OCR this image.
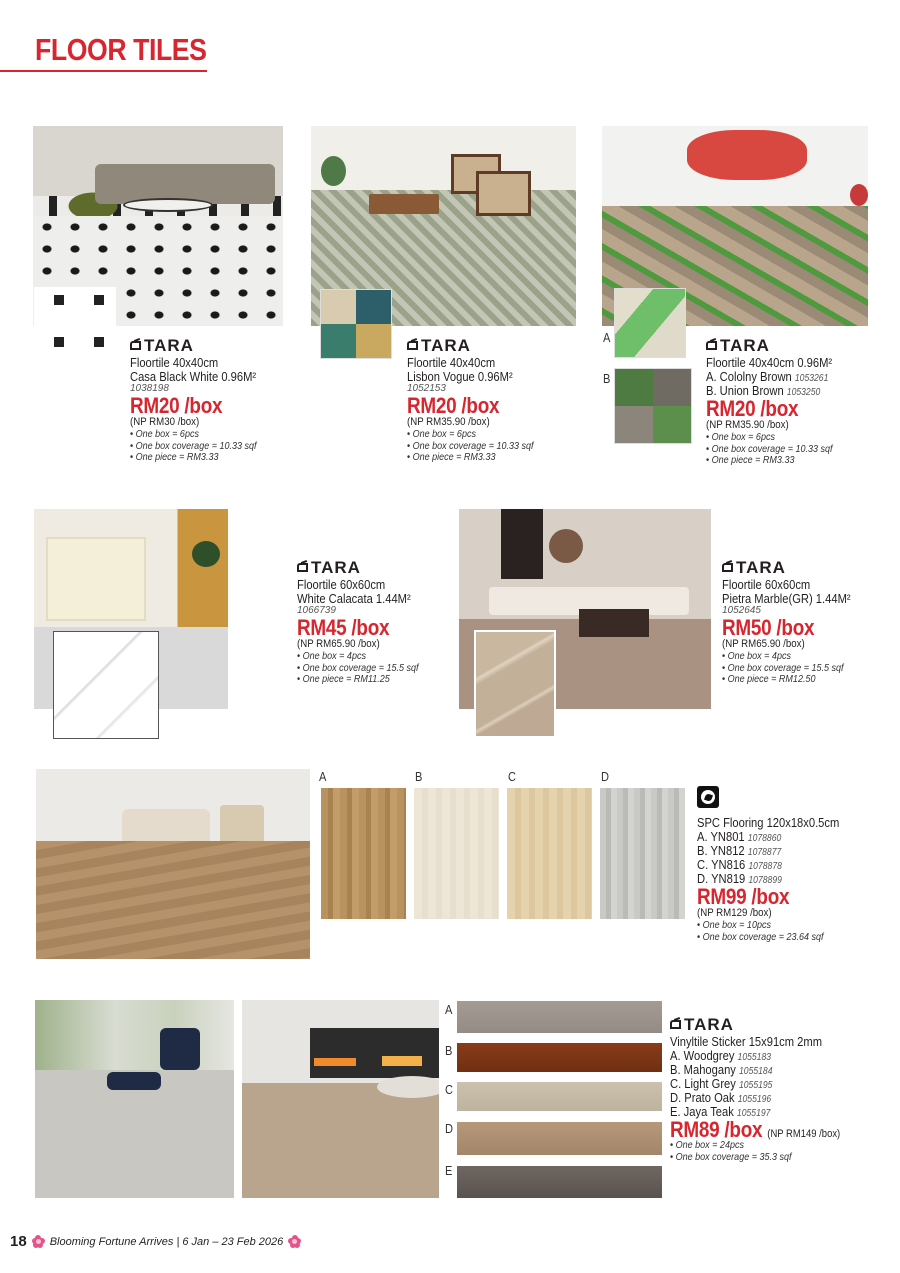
FLOOR TILES
TARA
Floortile 40x40cm
Casa Black White 0.96M²
1038198
RM20 /box
(NP RM30 /box)
• One box = 6pcs
• One box coverage = 10.33 sqf
• One piece = RM3.33
TARA
Floortile 40x40cm
Lisbon Vogue 0.96M²
1052153
RM20 /box
(NP RM35.90 /box)
• One box = 6pcs
• One box coverage = 10.33 sqf
• One piece = RM3.33
A
B
TARA
Floortile 40x40cm 0.96M²
A. Cololny Brown 1053261
B. Union Brown 1053250
RM20 /box
(NP RM35.90 /box)
• One box = 6pcs
• One box coverage = 10.33 sqf
• One piece = RM3.33
TARA
Floortile 60x60cm
White Calacata 1.44M²
1066739
RM45 /box
(NP RM65.90 /box)
• One box = 4pcs
• One box coverage = 15.5 sqf
• One piece = RM11.25
TARA
Floortile 60x60cm
Pietra Marble(GR) 1.44M²
1052645
RM50 /box
(NP RM65.90 /box)
• One box = 4pcs
• One box coverage = 15.5 sqf
• One piece = RM12.50
A	B	C	D
SPC Flooring 120x18x0.5cm
A. YN801 1078860
B. YN812 1078877
C. YN816 1078878
D. YN819 1078899
RM99 /box
(NP RM129 /box)
• One box = 10pcs
• One box coverage = 23.64 sqf
A
B
C
D
E
TARA
Vinyltile Sticker 15x91cm 2mm
A. Woodgrey 1055183
B. Mahogany 1055184
C. Light Grey 1055195
D. Prato Oak 1055196
E. Jaya Teak 1055197
RM89 /box (NP RM149 /box)
• One box = 24pcs
• One box coverage = 35.3 sqf
18 Blooming Fortune Arrives | 6 Jan – 23 Feb 2026
